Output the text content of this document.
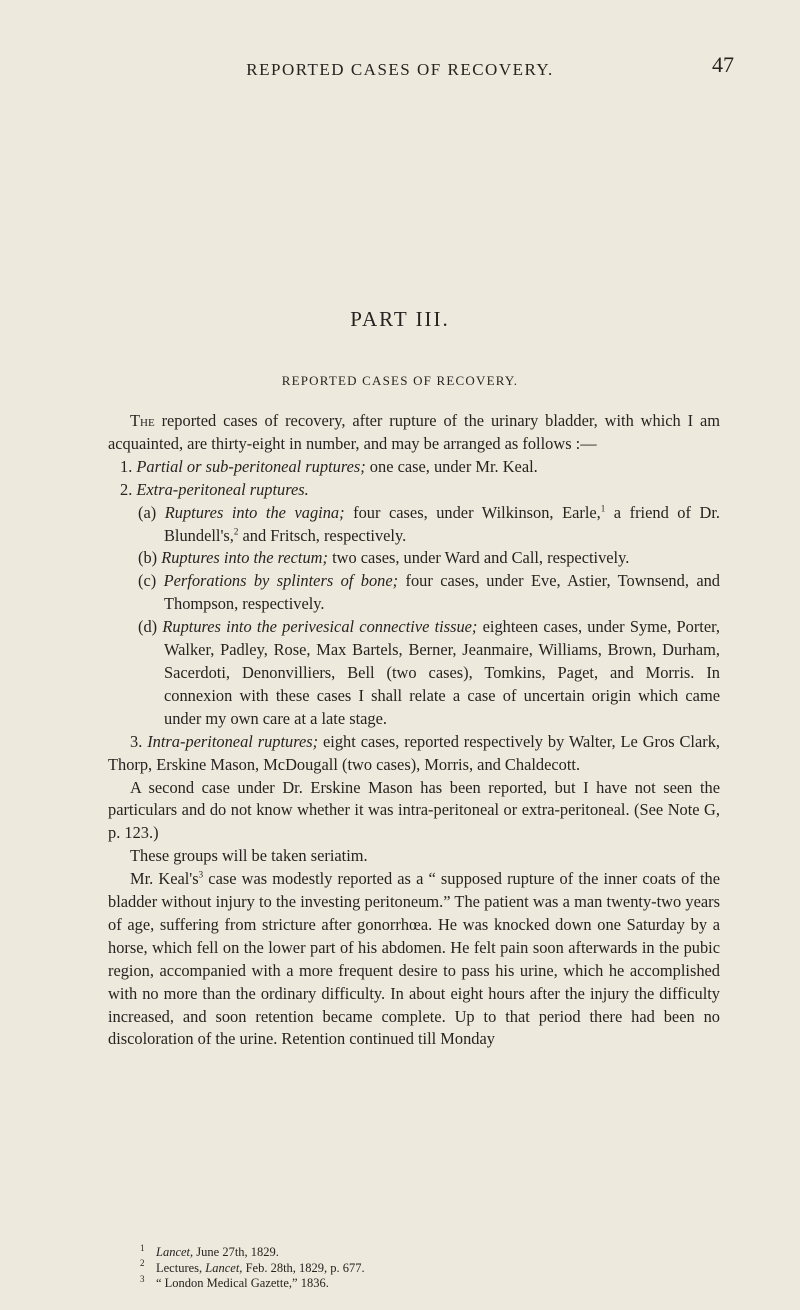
REPORTED CASES OF RECOVERY.	47
PART III.
REPORTED CASES OF RECOVERY.

The reported cases of recovery, after rupture of the urinary bladder, with which I am acquainted, are thirty-eight in number, and may be arranged as follows :—

1. Partial or sub-peritoneal ruptures; one case, under Mr. Keal.

2. Extra-peritoneal ruptures.

(a) Ruptures into the vagina; four cases, under Wilkinson, Earle,$^1$ a friend of Dr. Blundell's,$^2$ and Fritsch, respectively.

(b) Ruptures into the rectum; two cases, under Ward and Call, respectively.

(c) Perforations by splinters of bone; four cases, under Eve, Astier, Townsend, and Thompson, respectively.

(d) Ruptures into the perivesical connective tissue; eighteen cases, under Syme, Porter, Walker, Padley, Rose, Max Bartels, Berner, Jeanmaire, Williams, Brown, Durham, Sacerdoti, Denonvilliers, Bell (two cases), Tomkins, Paget, and Morris. In connexion with these cases I shall relate a case of uncertain origin which came under my own care at a late stage.

3. Intra-peritoneal ruptures; eight cases, reported respectively by Walter, Le Gros Clark, Thorp, Erskine Mason, McDougall (two cases), Morris, and Chaldecott.

A second case under Dr. Erskine Mason has been reported, but I have not seen the particulars and do not know whether it was intra-peritoneal or extra-peritoneal. (See Note G, p. 123.)

These groups will be taken seriatim.

Mr. $Keal's^3$ case was modestly reported as a “ supposed rupture of the inner coats of the bladder without injury to the investing peritoneum.” The patient was a man twenty-two years of age, suffering from stricture after gonorrhœa. He was knocked down one Saturday by a horse, which fell on the lower part of his abdomen. He felt pain soon afterwards in the pubic region, accompanied with a more frequent desire to pass his urine, which he accomplished with no more than the ordinary difficulty. In about eight hours after the injury the difficulty increased, and soon retention became complete. Up to that period there had been no discoloration of the urine. Retention continued till Monday

1 Lancet, June 27th, 1829.

2 Lectures, Lancet, Feb. 28th, 1829, p. 677.

3 “ London Medical Gazette,” 1836.
